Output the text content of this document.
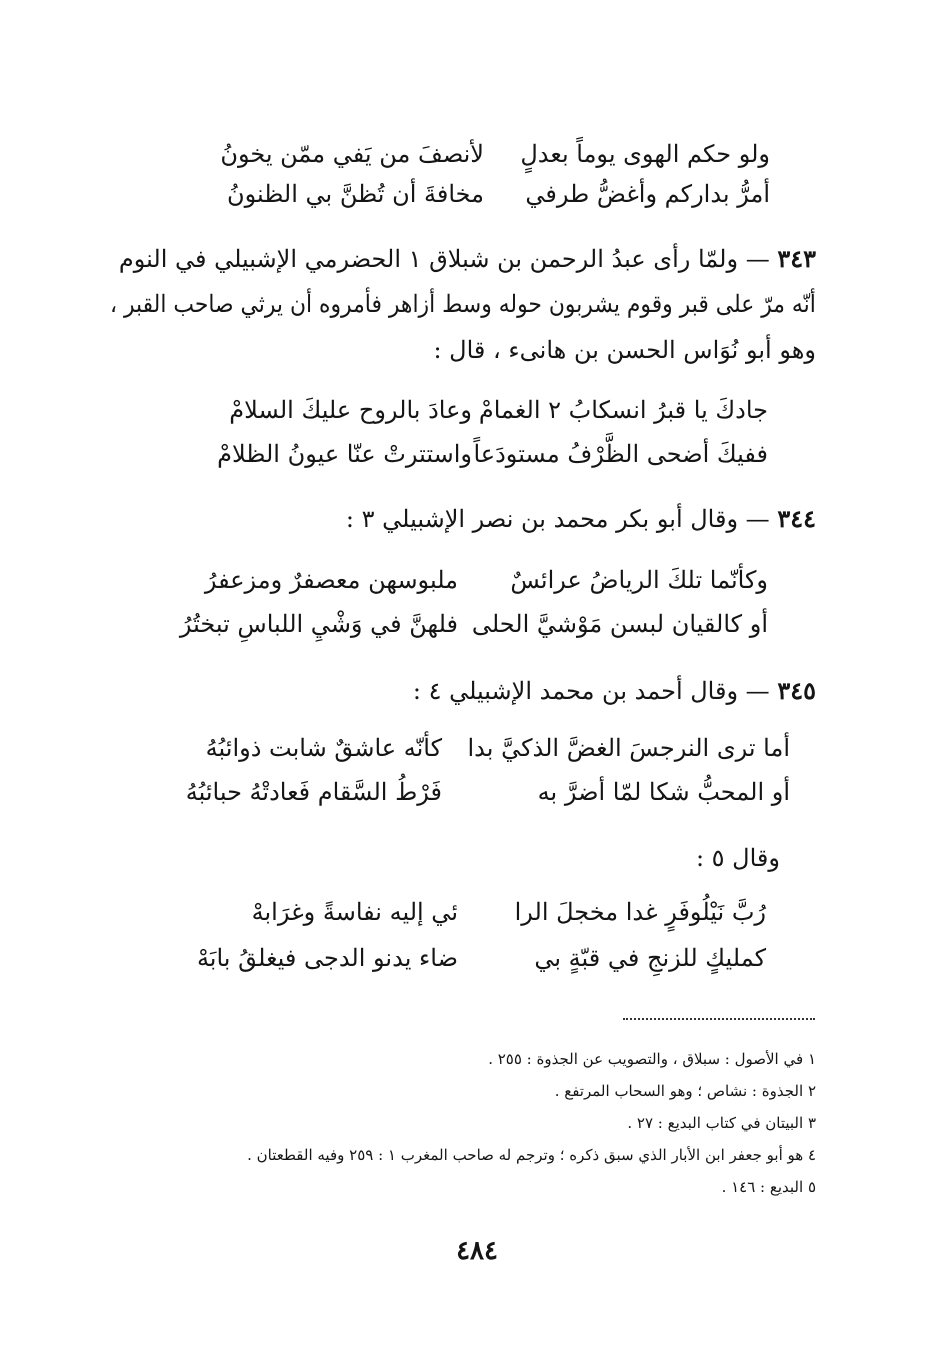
ولو حكم الهوى يوماً بعدلٍ
لأنصفَ من يَفي ممّن يخونُ
أمرُّ بداركم وأغضُّ طرفي
مخافةَ أن تُظنَّ بي الظنونُ
٣٤٣ — ولمّا رأى عبدُ الرحمن بن شبلاق ١ الحضرمي الإشبيلي في النوم
أنّه مرّ على قبر وقوم يشربون حوله وسط أزاهر فأمروه أن يرثي صاحب القبر ،
وهو أبو نُوَاس الحسن بن هانىء ، قال :
جادكَ يا قبرُ انسكابُ ٢ الغمامْ
وعادَ بالروح عليكَ السلامْ
ففيكَ أضحى الظَّرْفُ مستودَعاً
واستترتْ عنّا عيونُ الظلامْ
٣٤٤ — وقال أبو بكر محمد بن نصر الإشبيلي ٣ :
وكأنّما تلكَ الرياضُ عرائسٌ
ملبوسهن معصفرٌ ومزعفرُ
أو كالقيان لبسن مَوْشيَّ الحلى
فلهنَّ في وَشْيِ اللباسِ تبختُرُ
٣٤٥ — وقال أحمد بن محمد الإشبيلي ٤ :
أما ترى النرجسَ الغضَّ الذكيَّ بدا
كأنّه عاشقٌ شابت ذوائبُهُ
أو المحبُّ شكا لمّا أضرَّ به
فَرْطُ السَّقام فَعادتْهُ حبائبُهُ
وقال ٥ :
رُبَّ نَيْلُوفَرٍ غدا مخجلَ الرا
ئي إليه نفاسةً وغرَابهْ
كمليكٍ للزنجِ في قبّةٍ بي
ضاء يدنو الدجى فيغلقُ بابَهْ
١ في الأصول : سبلاق ، والتصويب عن الجذوة : ٢٥٥ .
٢ الجذوة : نشاص ؛ وهو السحاب المرتفع .
٣ البيتان في كتاب البديع : ٢٧ .
٤ هو أبو جعفر ابن الأبار الذي سبق ذكره ؛ وترجم له صاحب المغرب ١ : ٢٥٩ وفيه القطعتان .
٥ البديع : ١٤٦ .
٤٨٤
